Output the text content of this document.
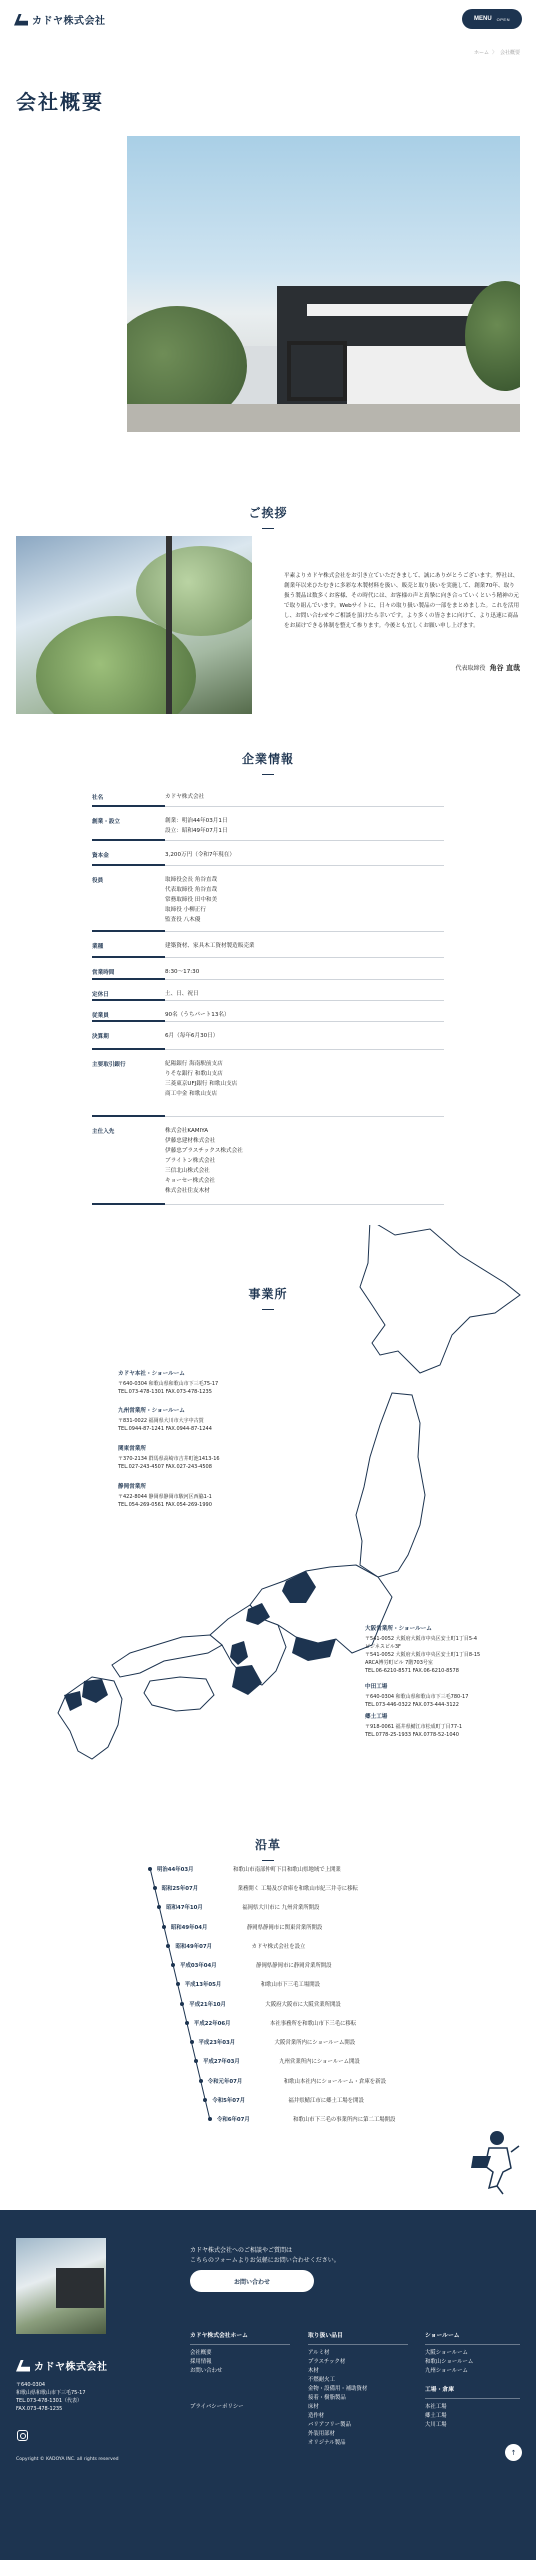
カドヤ株式会社	MENU OPEN
ホーム 〉 会社概要
会社概要
ご挨拶

平素よりカドヤ株式会社をお引き立ていただきまして、誠にありがとうございます。弊社は、創業年以来ひたむきに多彩な木製材料を扱い、販売と取り扱いを実施して、創業70年、取り扱う製品は数多くお客様、その時代には、お客様の声と真摯に向き合っていくという精神の元で取り組んでいます。Webサイトに、日々の取り扱い製品の一部をまとめました。これを活用し、お問い合わせやご相談を頂けたら幸いです。より多くの皆さまに向けて、より迅速に商品をお届けできる体制を整えて参ります。今後とも宜しくお願い申し上げます。

代表取締役 角谷 直哉
企業情報
社名	カドヤ株式会社
創業・設立	創業：明治44年03月1日
設立：昭和49年07月1日
資本金	3,200万円（令和7年現在）
役員	取締役会長 角谷直哉
代表取締役 角谷直哉
常務取締役 田中和美
取締役 小柳正行
監査役 八木優
業種	建築資材、家具木工資材製造販売業
営業時間	8:30〜17:30
定休日	土、日、祝日
従業員	90名（うちパート13名）
決算期	6月（毎年6月30日）
主要取引銀行	紀陽銀行 海南駅前支店
りそな銀行 和歌山支店
三菱東京UFJ銀行 和歌山支店
商工中金 和歌山支店
主仕入先	株式会社KAMIYA
伊藤忠建材株式会社
伊藤忠プラスチックス株式会社
ブライトン株式会社
三信北山株式会社
キョーセー株式会社
株式会社住友木材
事業所
カドヤ本社・ショールーム
〒640-0304 和歌山県和歌山市下三毛75-17
TEL.073-478-1301 FAX.073-478-1235
九州営業所・ショールーム
〒831-0022 福岡県大川市大字中古賀
TEL.0944-87-1241 FAX.0944-87-1244
関東営業所
〒370-2134 群馬県高崎市吉井町池1413-16
TEL.027-243-4507 FAX.027-243-4508
静岡営業所
〒422-8044 静岡県静岡市駿河区西脇1-1
TEL.054-269-0561 FAX.054-269-1990
大阪営業所・ショールーム
〒541-0052 大阪府大阪市中央区安土町1丁目5-4
ビジネスビル3F
〒541-0052 大阪府大阪市中央区安土町1丁目8-15
ARCA博労町ビル 7階703号室
TEL.06-6210-8571 FAX.06-6210-8578
中田工場
〒640-0304 和歌山県和歌山市下三毛780-17
TEL.073-446-0322 FAX.073-444-3122
郷土工場
〒918-0061 福井県鯖江市松成町丁目77-1
TEL.0778-25-1933 FAX.0778-52-1040
沿革
明治44年03月	和歌山市南部仲町下目和歌山県地域で上開業
昭和25年07月	業務開く 工場及び倉庫を和歌山市紀三井寺に移転
昭和47年10月	福岡県大川市に 九州営業所開設
昭和49年04月	静岡県静岡市に関東営業所開設
昭和49年07月	カドヤ株式会社を設立
平成03年04月	静岡県静岡市に静岡営業所開設
平成13年05月	和歌山市下三毛工場開設
平成21年10月	大阪府大阪市に大阪営業所開設
平成22年06月	本社事務所を和歌山市下三毛に移転
平成23年03月	大阪営業所内にショールーム開設
平成27年03月	九州営業所内にショールーム開設
令和元年07月	和歌山本社内にショールーム・倉庫を新設
令和5年07月	福井県鯖江市に郷土工場を開設
令和6年07月	和歌山市下三毛の事業所内に第二工場開設
カドヤ株式会社へのご相談やご質問は
こちらのフォームよりお気軽にお問い合わせください。
お問い合わせ
カドヤ株式会社ホーム
会社概要
採用情報
お問い合わせ
プライバシーポリシー
取り扱い品目
アルミ材
プラスチック材
木材
不燃耐火工
金物・設備用・補助資材
接着・樹脂製品
床材
造作材
バリアフリー製品
外装用部材
オリジナル製品
ショールーム
大阪ショールーム
和歌山ショールーム
九州ショールーム
工場・倉庫
本社工場
郷土工場
大川工場
カドヤ株式会社
〒640-0304
和歌山県和歌山市下三毛75-17
TEL.073-478-1301（代表）
FAX.073-478-1235
Copyright © KADOYA INC. all rights reserved
↑
